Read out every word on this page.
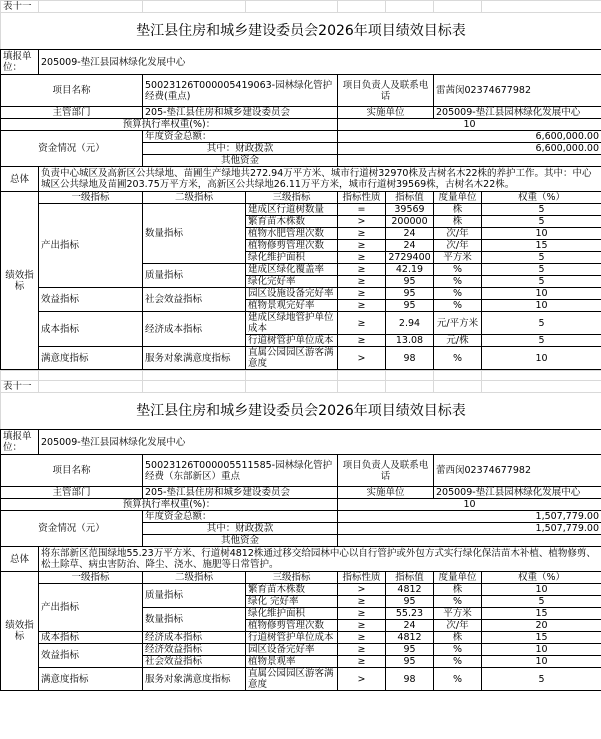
表十一							
垫江县住房和城乡建设委员会2026年项目绩效目标表							
填报单位：	205009-垫江县园林绿化发展中心						
项目名称		50023126T000005419063-园林绿化管护经费(重点)		项目负责人及联系电话		雷茜闵02374677982	
主管部门		205-垫江县住房和城乡建设委员会		实施单位		205009-垫江县园林绿化发展中心	
预算执行率权重(%)：				10			
资金情况（元）		年度资金总额：		6,600,000.00			
		其中：财政拨款		6,600,000.00			
		其他资金					
总体	负责中心城区及高新区公共绿地、苗圃生产绿地共272.94万平方米、城市行道树32970株及古树名木22株的养护工作。其中：中心城区公共绿地及苗圃203.75万平方米，高新区公共绿地26.11万平方米，城市行道树39569株，古树名木22株。						
绩效指标	一级指标	二级指标	三级指标	指标性质	指标值	度量单位	权重（%）
	产出指标	数量指标	建成区行道树数量	=	39569	株	5
			繁育苗木株数	>	200000	株	5
			植物水肥管理次数	≥	24	次/年	10
			植物修剪管理次数	≥	24	次/年	15
			绿化维护面积	≥	2729400	平方米	5
		质量指标	建成区绿化覆盖率	≥	42.19	%	5
			绿化完好率	≥	95	%	5
	效益指标	社会效益指标	园区设施设备完好率	≥	95	%	10
			植物景观完好率	≥	95	%	10
	成本指标	经济成本指标	建成区绿地管护单位成本	≥	2.94	元/平方米	5
			行道树管护单位成本	≥	13.08	元/株	5
	满意度指标	服务对象满意度指标	直属公园园区游客满意度	>	98	%	10

表十一							
垫江县住房和城乡建设委员会2026年项目绩效目标表							
填报单位：	205009-垫江县园林绿化发展中心						
项目名称		50023126T000005511585-园林绿化管护经费（东部新区）重点		项目负责人及联系电话		蕾西闵02374677982	
主管部门		205-垫江县住房和城乡建设委员会		实施单位		205009-垫江县园林绿化发展中心	
预算执行率权重(%)：				10			
资金情况（元）		年度资金总额：		1,507,779.00			
		其中：财政拨款		1,507,779.00			
		其他资金					
总体	将东部新区范围绿地55.23万平方米、行道树4812株通过移交给园林中心以自行管护或外包方式实行绿化保洁苗木补植、植物修剪、松土除草、病虫害防治、降尘、浇水、施肥等日常管护。						
绩效指标	一级指标	二级指标	三级指标	指标性质	指标值	度量单位	权重（%）
	产出指标	质量指标	繁育苗木株数	>	4812	株	10
			绿化 完好率	≥	95	%	5
		数量指标	绿化维护面积	≥	55.23	平方米	15
			植物修剪管理次数	≥	24	次/年	20
	成本指标	经济成本指标	行道树管护单位成本	≥	4812	株	15
	效益指标	经济效益指标	园区设备完好率	≥	95	%	10
		社会效益指标	植物景观率	≥	95	%	10
	满意度指标	服务对象满意度指标	直属公园园区游客满意度	>	98	%	5
